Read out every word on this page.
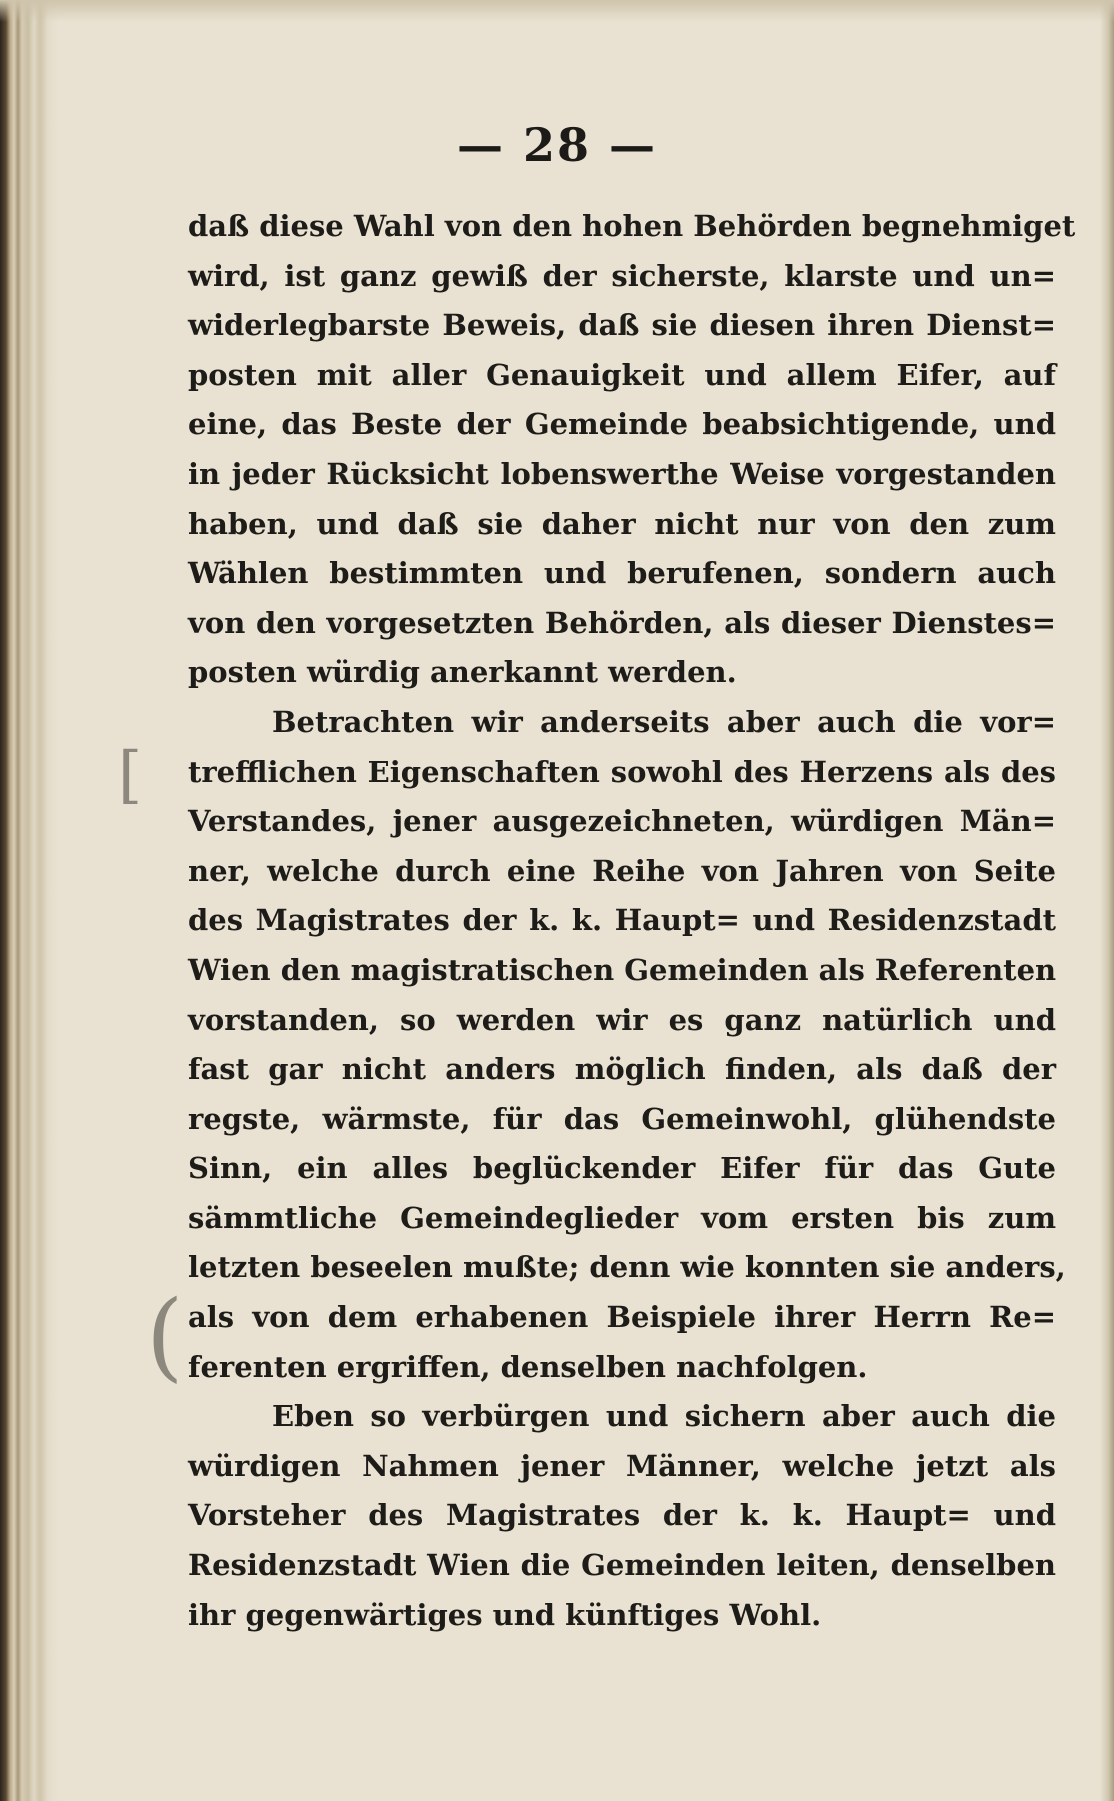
— 28 —
[
(
daß diese Wahl von den hohen Behörden begnehmiget
wird, ist ganz gewiß der sicherste, klarste und un=
widerlegbarste Beweis, daß sie diesen ihren Dienst=
posten mit aller Genauigkeit und allem Eifer, auf
eine, das Beste der Gemeinde beabsichtigende, und
in jeder Rücksicht lobenswerthe Weise vorgestanden
haben, und daß sie daher nicht nur von den zum
Wählen bestimmten und berufenen, sondern auch
von den vorgesetzten Behörden, als dieser Dienstes=
posten würdig anerkannt werden.
Betrachten wir anderseits aber auch die vor=
trefflichen Eigenschaften sowohl des Herzens als des
Verstandes, jener ausgezeichneten, würdigen Män=
ner, welche durch eine Reihe von Jahren von Seite
des Magistrates der k. k. Haupt= und Residenzstadt
Wien den magistratischen Gemeinden als Referenten
vorstanden, so werden wir es ganz natürlich und
fast gar nicht anders möglich finden, als daß der
regste, wärmste, für das Gemeinwohl, glühendste
Sinn, ein alles beglückender Eifer für das Gute
sämmtliche Gemeindeglieder vom ersten bis zum
letzten beseelen mußte; denn wie konnten sie anders,
als von dem erhabenen Beispiele ihrer Herrn Re=
ferenten ergriffen, denselben nachfolgen.
Eben so verbürgen und sichern aber auch die
würdigen Nahmen jener Männer, welche jetzt als
Vorsteher des Magistrates der k. k. Haupt= und
Residenzstadt Wien die Gemeinden leiten, denselben
ihr gegenwärtiges und künftiges Wohl.
